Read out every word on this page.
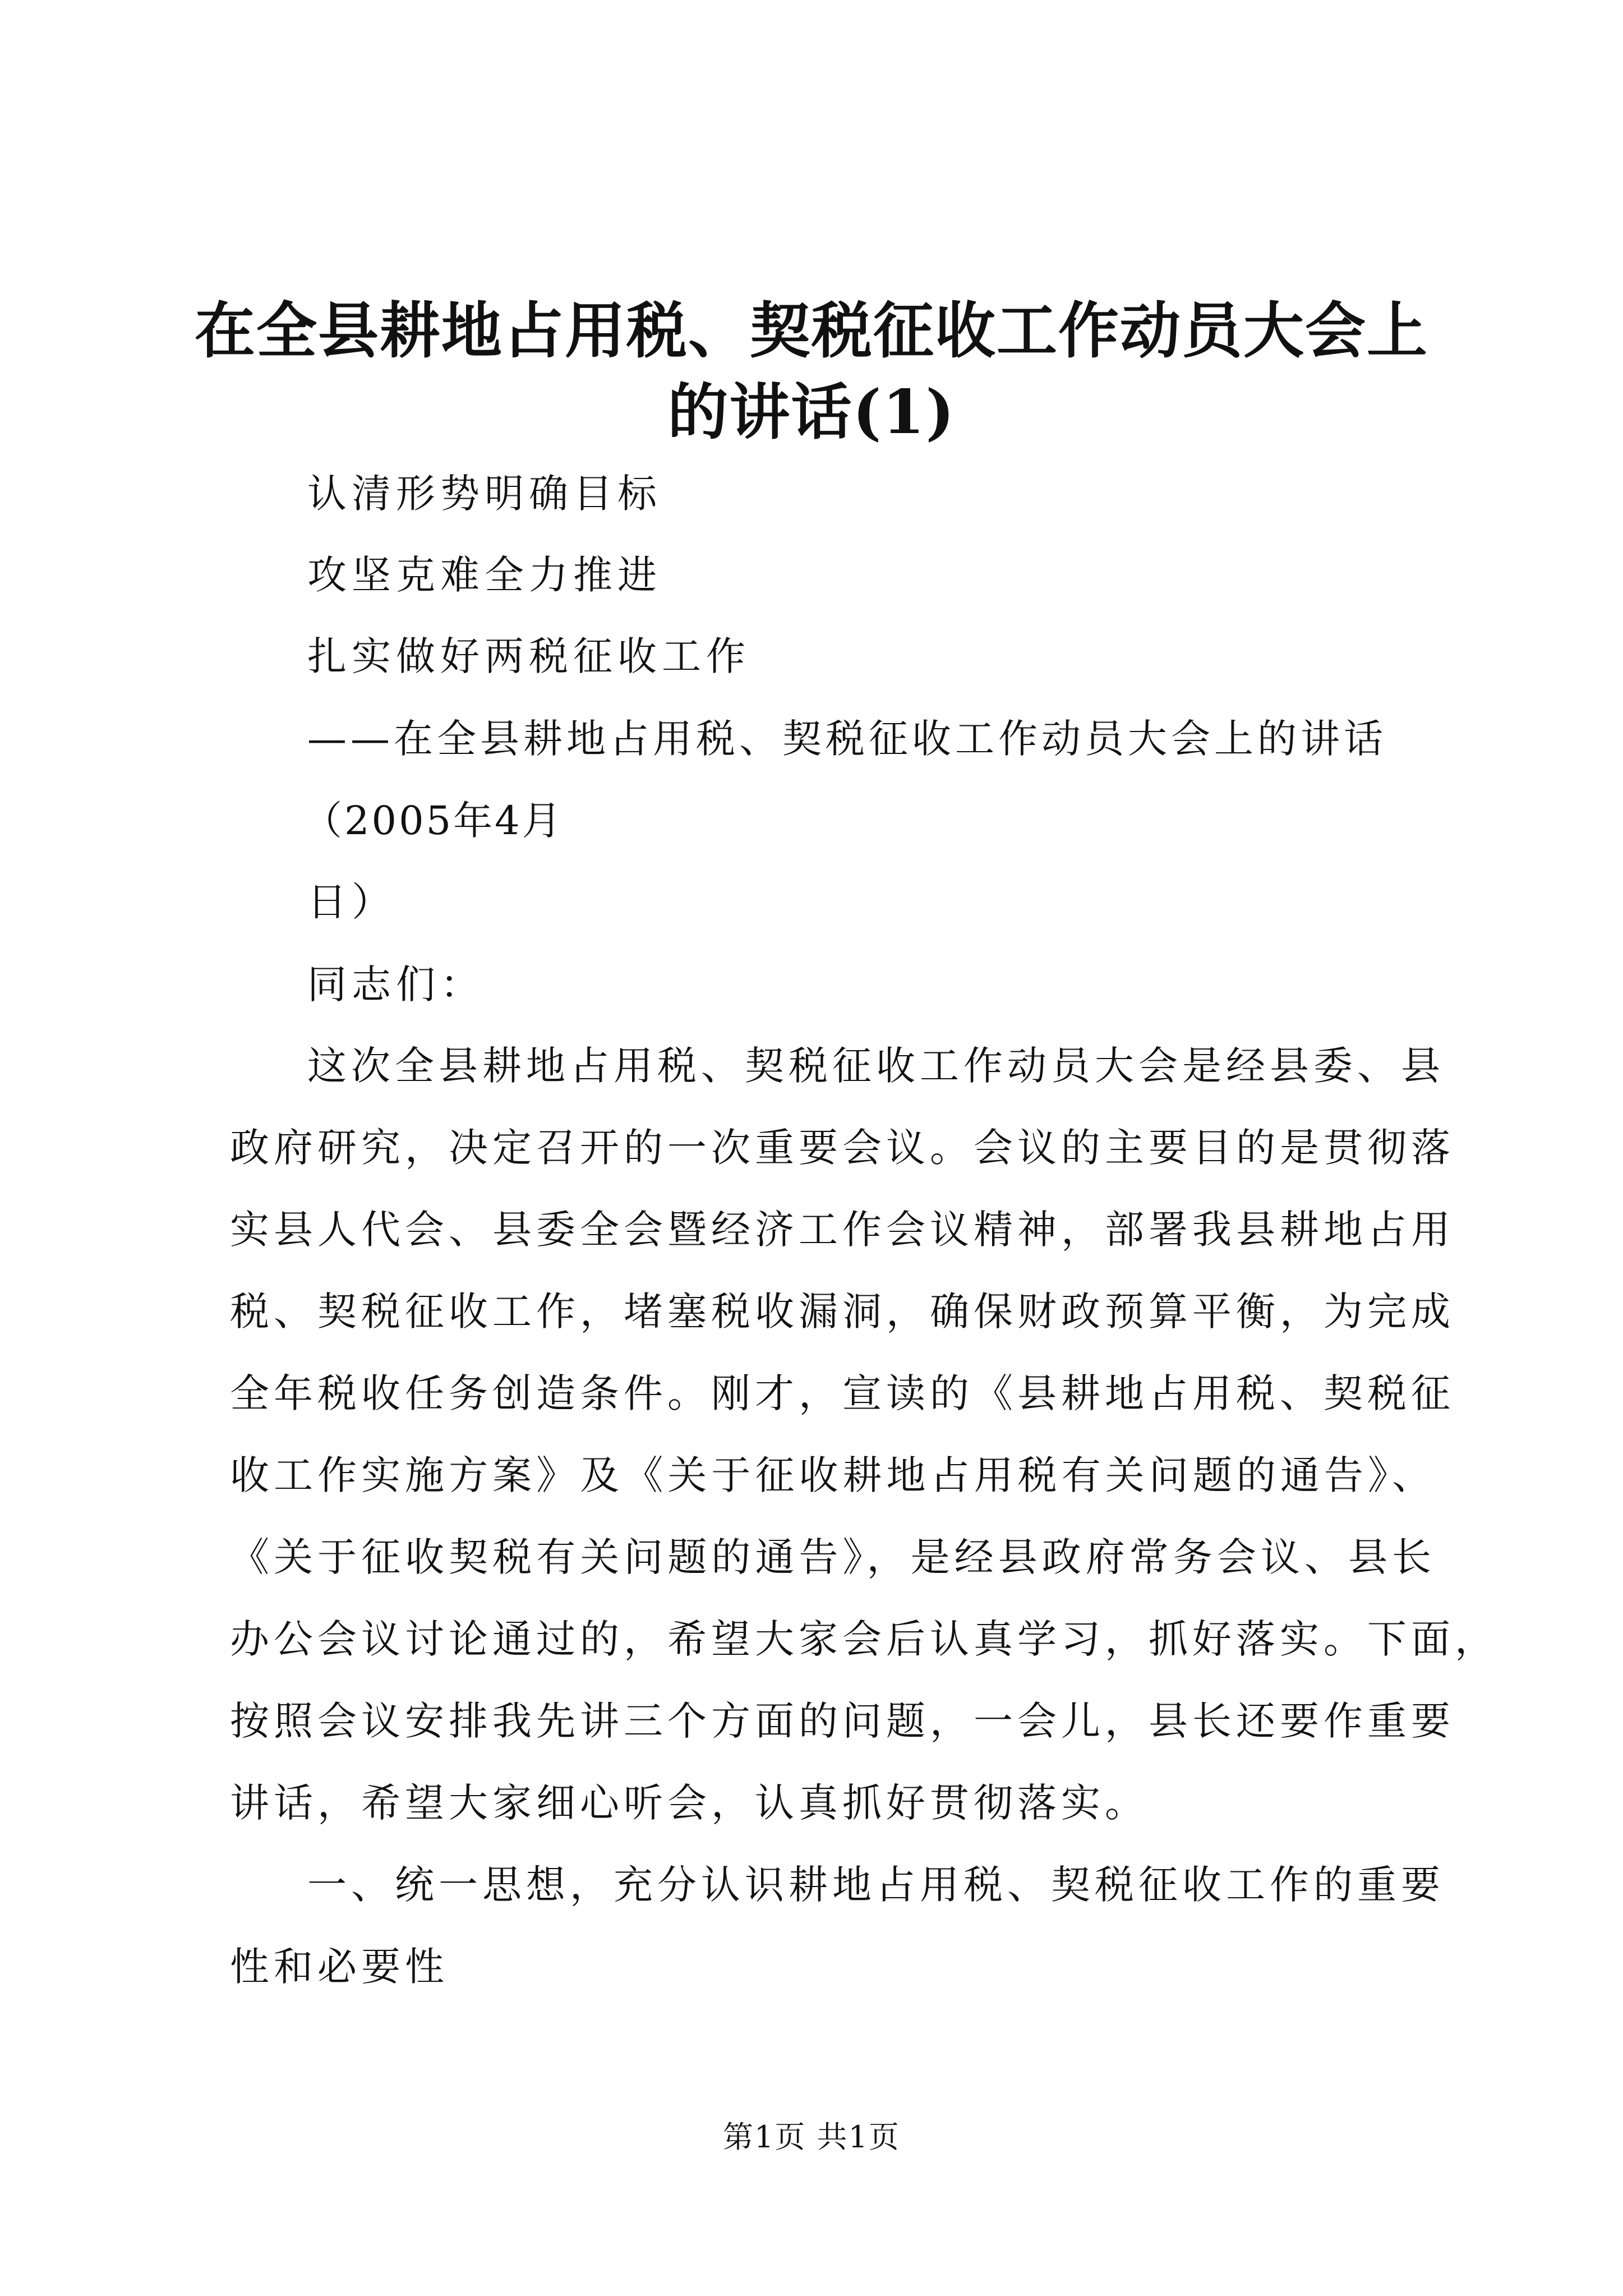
在全县耕地占用税、契税征收工作动员大会上
的讲话(1)
认清形势明确目标
攻坚克难全力推进
扎实做好两税征收工作
——在全县耕地占用税、契税征收工作动员大会上的讲话
（2005年4月
日）
同志们：
这次全县耕地占用税、契税征收工作动员大会是经县委、县
政府研究，决定召开的一次重要会议。会议的主要目的是贯彻落
实县人代会、县委全会暨经济工作会议精神，部署我县耕地占用
税、契税征收工作，堵塞税收漏洞，确保财政预算平衡，为完成
全年税收任务创造条件。刚才，宣读的《县耕地占用税、契税征
收工作实施方案》及《关于征收耕地占用税有关问题的通告》、
《关于征收契税有关问题的通告》，是经县政府常务会议、县长
办公会议讨论通过的，希望大家会后认真学习，抓好落实。下面，
按照会议安排我先讲三个方面的问题，一会儿，县长还要作重要
讲话，希望大家细心听会，认真抓好贯彻落实。
一、统一思想，充分认识耕地占用税、契税征收工作的重要
性和必要性
第1页 共1页
